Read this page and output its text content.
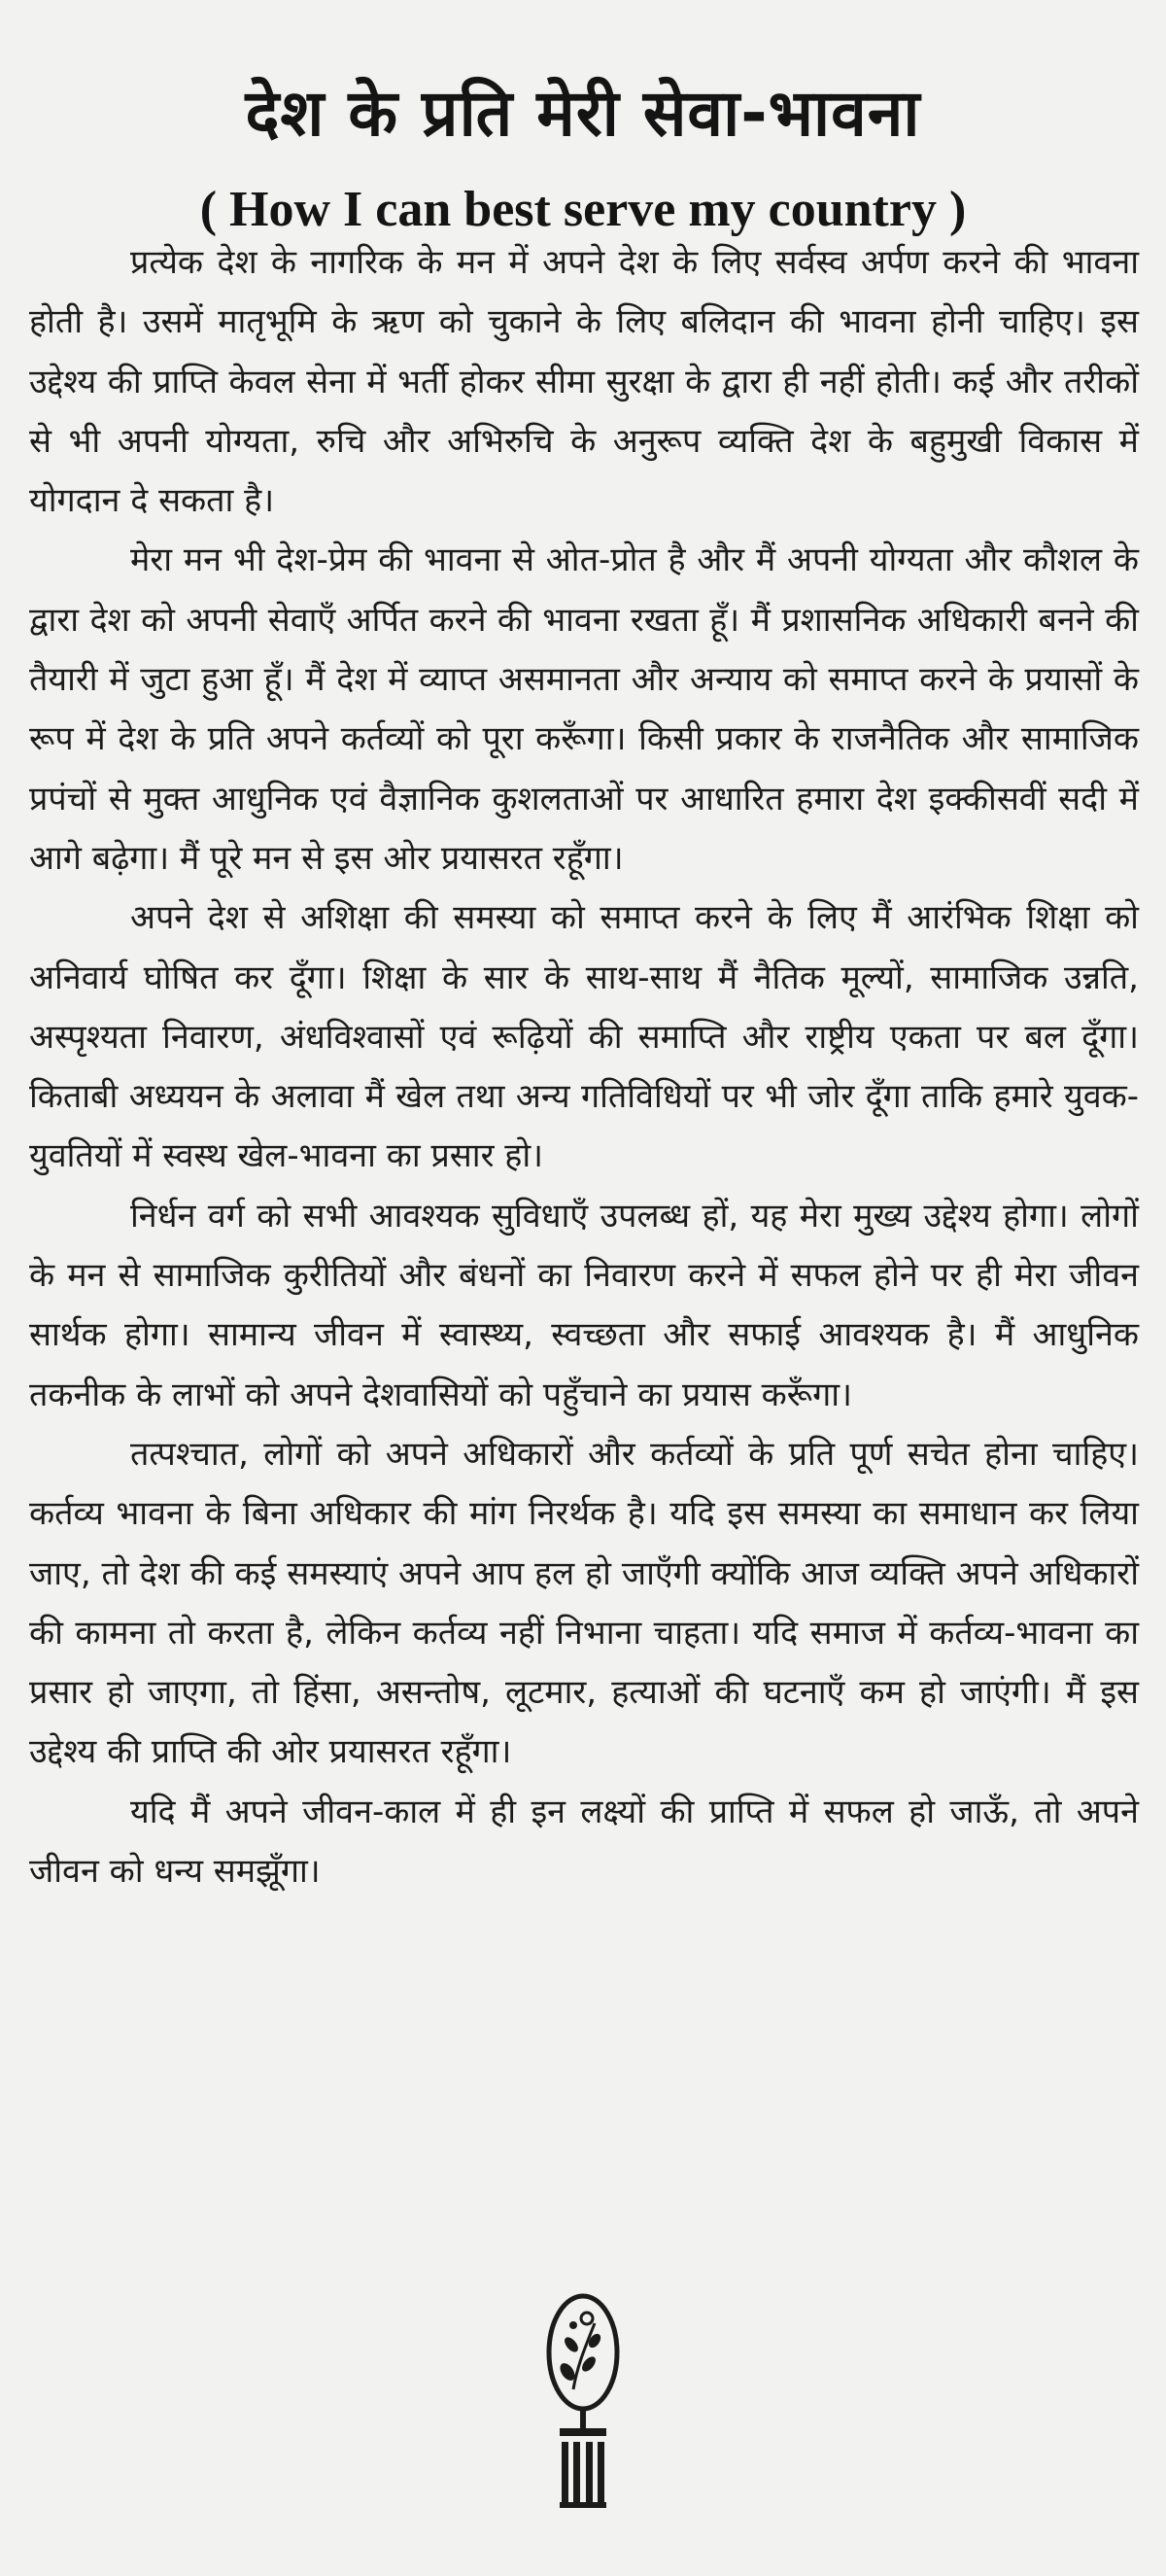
देश के प्रति मेरी सेवा-भावना
( How I can best serve my country )

प्रत्येक देश के नागरिक के मन में अपने देश के लिए सर्वस्व अर्पण करने की भावना होती है। उसमें मातृभूमि के ऋण को चुकाने के लिए बलिदान की भावना होनी चाहिए। इस उद्देश्य की प्राप्ति केवल सेना में भर्ती होकर सीमा सुरक्षा के द्वारा ही नहीं होती। कई और तरीकों से भी अपनी योग्यता, रुचि और अभिरुचि के अनुरूप व्यक्ति देश के बहुमुखी विकास में योगदान दे सकता है।

मेरा मन भी देश-प्रेम की भावना से ओत-प्रोत है और मैं अपनी योग्यता और कौशल के द्वारा देश को अपनी सेवाएँ अर्पित करने की भावना रखता हूँ। मैं प्रशासनिक अधिकारी बनने की तैयारी में जुटा हुआ हूँ। मैं देश में व्याप्त असमानता और अन्याय को समाप्त करने के प्रयासों के रूप में देश के प्रति अपने कर्तव्यों को पूरा करूँगा। किसी प्रकार के राजनैतिक और सामाजिक प्रपंचों से मुक्त आधुनिक एवं वैज्ञानिक कुशलताओं पर आधारित हमारा देश इक्कीसवीं सदी में आगे बढ़ेगा। मैं पूरे मन से इस ओर प्रयासरत रहूँगा।

अपने देश से अशिक्षा की समस्या को समाप्त करने के लिए मैं आरंभिक शिक्षा को अनिवार्य घोषित कर दूँगा। शिक्षा के सार के साथ-साथ मैं नैतिक मूल्यों, सामाजिक उन्नति, अस्पृश्यता निवारण, अंधविश्वासों एवं रूढ़ियों की समाप्ति और राष्ट्रीय एकता पर बल दूँगा। किताबी अध्ययन के अलावा मैं खेल तथा अन्य गतिविधियों पर भी जोर दूँगा ताकि हमारे युवक-युवतियों में स्वस्थ खेल-भावना का प्रसार हो।

निर्धन वर्ग को सभी आवश्यक सुविधाएँ उपलब्ध हों, यह मेरा मुख्य उद्देश्य होगा। लोगों के मन से सामाजिक कुरीतियों और बंधनों का निवारण करने में सफल होने पर ही मेरा जीवन सार्थक होगा। सामान्य जीवन में स्वास्थ्य, स्वच्छता और सफाई आवश्यक है। मैं आधुनिक तकनीक के लाभों को अपने देशवासियों को पहुँचाने का प्रयास करूँगा।

तत्पश्चात, लोगों को अपने अधिकारों और कर्तव्यों के प्रति पूर्ण सचेत होना चाहिए। कर्तव्य भावना के बिना अधिकार की मांग निरर्थक है। यदि इस समस्या का समाधान कर लिया जाए, तो देश की कई समस्याएं अपने आप हल हो जाएँगी क्योंकि आज व्यक्ति अपने अधिकारों की कामना तो करता है, लेकिन कर्तव्य नहीं निभाना चाहता। यदि समाज में कर्तव्य-भावना का प्रसार हो जाएगा, तो हिंसा, असन्तोष, लूटमार, हत्याओं की घटनाएँ कम हो जाएंगी। मैं इस उद्देश्य की प्राप्ति की ओर प्रयासरत रहूँगा।

यदि मैं अपने जीवन-काल में ही इन लक्ष्यों की प्राप्ति में सफल हो जाऊँ, तो अपने जीवन को धन्य समझूँगा।
